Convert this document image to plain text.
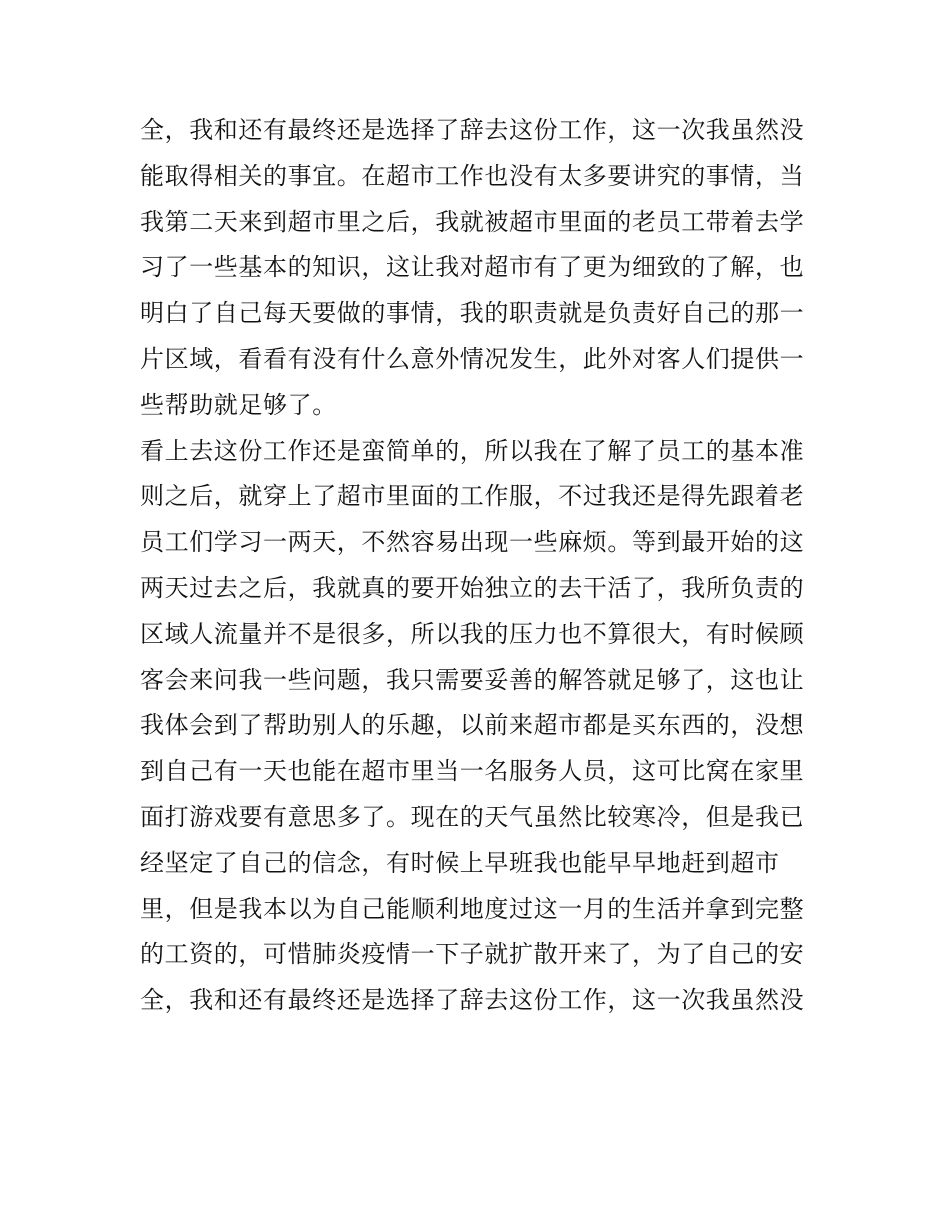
全，我和还有最终还是选择了辞去这份工作，这一次我虽然没
能取得相关的事宜。在超市工作也没有太多要讲究的事情，当
我第二天来到超市里之后，我就被超市里面的老员工带着去学
习了一些基本的知识，这让我对超市有了更为细致的了解，也
明白了自己每天要做的事情，我的职责就是负责好自己的那一
片区域，看看有没有什么意外情况发生，此外对客人们提供一
些帮助就足够了。
看上去这份工作还是蛮简单的，所以我在了解了员工的基本准
则之后，就穿上了超市里面的工作服，不过我还是得先跟着老
员工们学习一两天，不然容易出现一些麻烦。等到最开始的这
两天过去之后，我就真的要开始独立的去干活了，我所负责的
区域人流量并不是很多，所以我的压力也不算很大，有时候顾
客会来问我一些问题，我只需要妥善的解答就足够了，这也让
我体会到了帮助别人的乐趣，以前来超市都是买东西的，没想
到自己有一天也能在超市里当一名服务人员，这可比窝在家里
面打游戏要有意思多了。现在的天气虽然比较寒冷，但是我已
经坚定了自己的信念，有时候上早班我也能早早地赶到超市
里，但是我本以为自己能顺利地度过这一月的生活并拿到完整
的工资的，可惜肺炎疫情一下子就扩散开来了，为了自己的安
全，我和还有最终还是选择了辞去这份工作，这一次我虽然没
